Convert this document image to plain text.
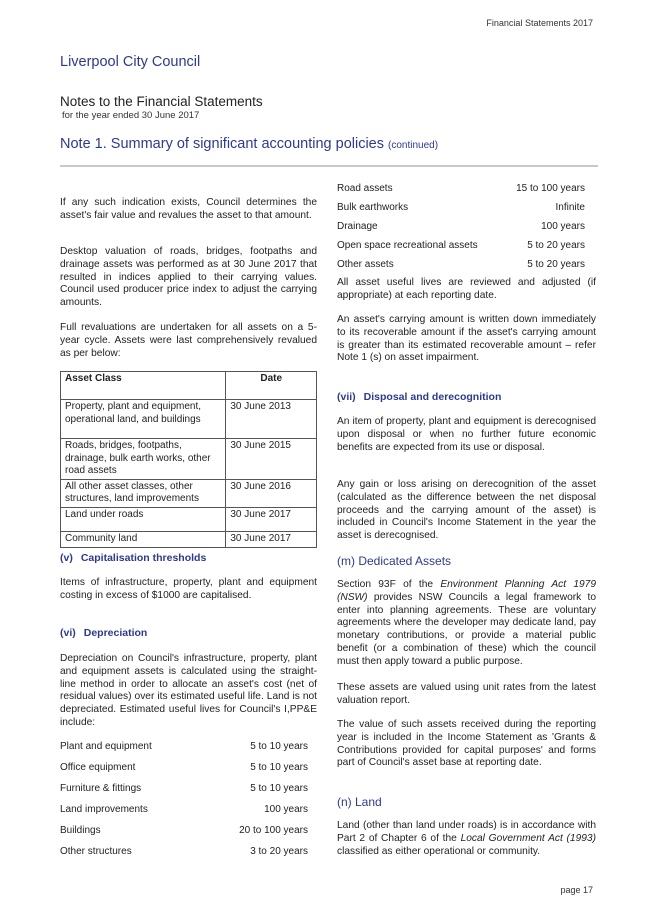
Financial Statements 2017
Liverpool City Council
Notes to the Financial Statements
for the year ended 30 June 2017
Note 1. Summary of significant accounting policies (continued)

If any such indication exists, Council determines the asset's fair value and revalues the asset to that amount.

Desktop valuation of roads, bridges, footpaths and drainage assets was performed as at 30 June 2017 that resulted in indices applied to their carrying values. Council used producer price index to adjust the carrying amounts.

Full revaluations are undertaken for all assets on a 5-year cycle. Assets were last comprehensively revalued as per below:

Asset Class	Date
Property, plant and equipment, operational land, and buildings	30 June 2013
Roads, bridges, footpaths, drainage, bulk earth works, other road assets	30 June 2015
All other asset classes, other structures, land improvements	30 June 2016
Land under roads	30 June 2017
Community land	30 June 2017
(v) Capitalisation thresholds

Items of infrastructure, property, plant and equipment costing in excess of $1000 are capitalised.

(vi) Depreciation

Depreciation on Council's infrastructure, property, plant and equipment assets is calculated using the straight-line method in order to allocate an asset's cost (net of residual values) over its estimated useful life. Land is not depreciated. Estimated useful lives for Council's I,PP&E include:

Plant and equipment	5 to 10 years
Office equipment	5 to 10 years
Furniture & fittings	5 to 10 years
Land improvements	100 years
Buildings	20 to 100 years
Other structures	3 to 20 years
Road assets	15 to 100 years
Bulk earthworks	Infinite
Drainage	100 years
Open space recreational assets	5 to 20 years
Other assets	5 to 20 years

All asset useful lives are reviewed and adjusted (if appropriate) at each reporting date.

An asset's carrying amount is written down immediately to its recoverable amount if the asset's carrying amount is greater than its estimated recoverable amount – refer Note 1 (s) on asset impairment.

(vii) Disposal and derecognition

An item of property, plant and equipment is derecognised upon disposal or when no further future economic benefits are expected from its use or disposal.

Any gain or loss arising on derecognition of the asset (calculated as the difference between the net disposal proceeds and the carrying amount of the asset) is included in Council's Income Statement in the year the asset is derecognised.

(m) Dedicated Assets

Section 93F of the Environment Planning Act 1979 (NSW) provides NSW Councils a legal framework to enter into planning agreements. These are voluntary agreements where the developer may dedicate land, pay monetary contributions, or provide a material public benefit (or a combination of these) which the council must then apply toward a public purpose.

These assets are valued using unit rates from the latest valuation report.

The value of such assets received during the reporting year is included in the Income Statement as 'Grants & Contributions provided for capital purposes' and forms part of Council's asset base at reporting date.

(n) Land

Land (other than land under roads) is in accordance with Part 2 of Chapter 6 of the Local Government Act (1993) classified as either operational or community.

page 17
